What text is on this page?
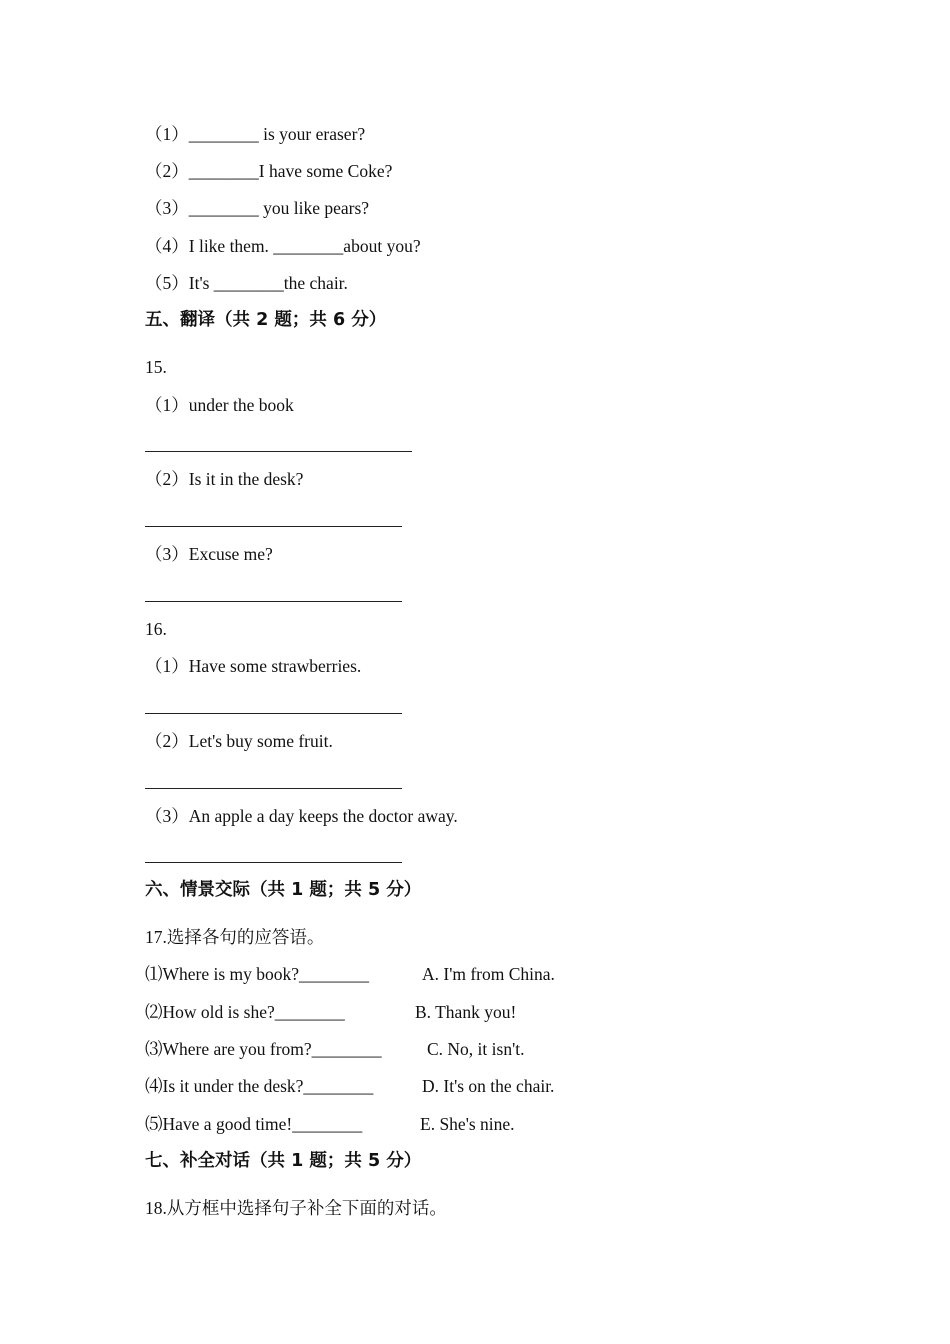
（1）________ is your eraser?
（2）________I have some Coke?
（3）________ you like pears?
（4）I like them. ________about you?
（5）It's ________the chair.
五、翻译（共 2 题；共 6 分）
15.
（1）under the book
（2）Is it in the desk?
（3）Excuse me?
16.
（1）Have some strawberries.
（2）Let's buy some fruit.
（3）An apple a day keeps the doctor away.
六、情景交际（共 1 题；共 5 分）
17.选择各句的应答语。
⑴Where is my book?________	A. I'm from China.
⑵How old is she?________	B. Thank you!
⑶Where are you from?________	C. No, it isn't.
⑷Is it under the desk?________	D. It's on the chair.
⑸Have a good time!________	E. She's nine.
七、补全对话（共 1 题；共 5 分）
18.从方框中选择句子补全下面的对话。
